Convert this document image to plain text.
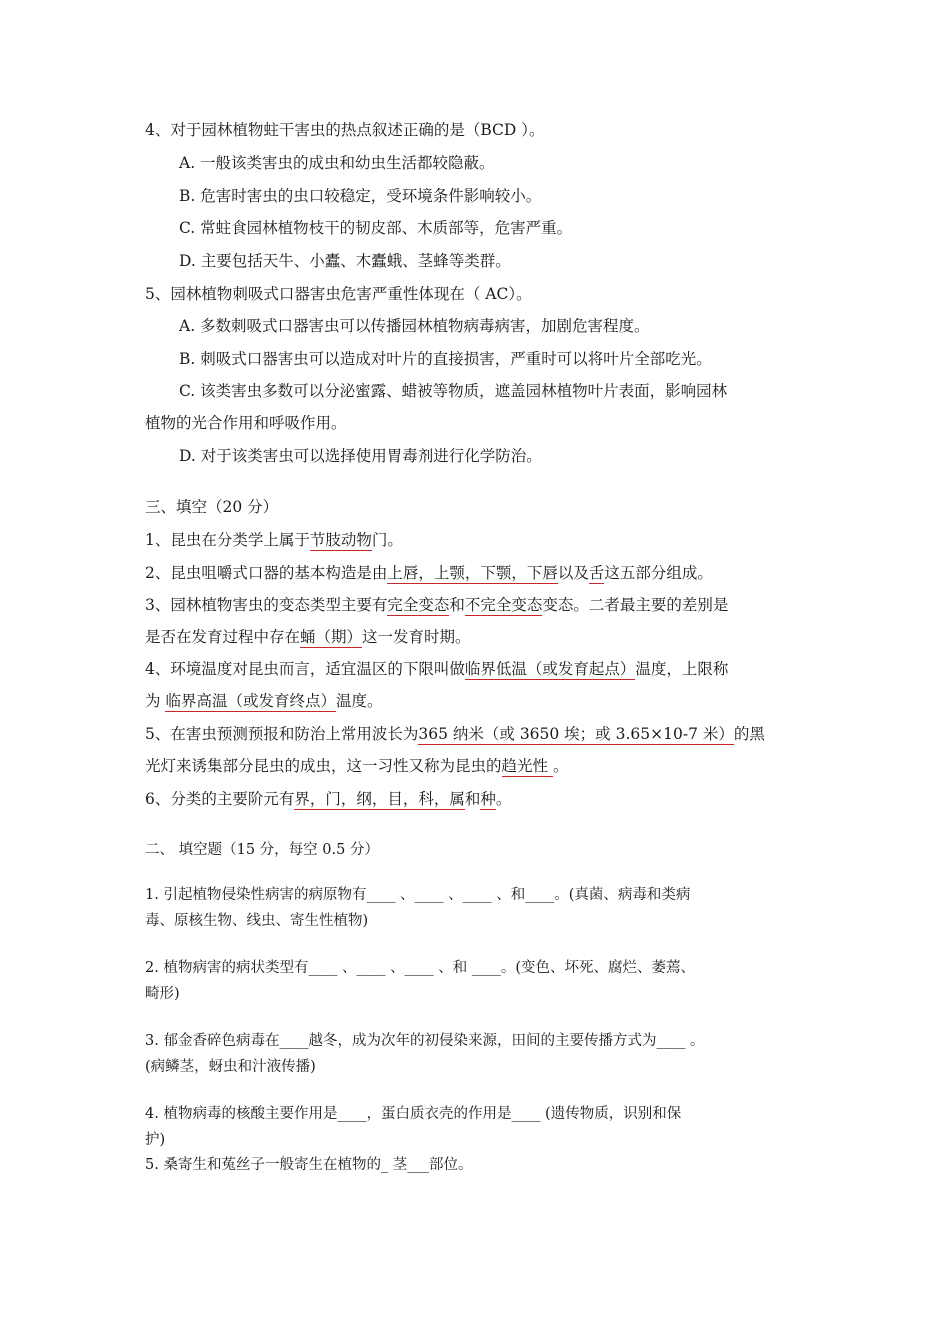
4、对于园林植物蛀干害虫的热点叙述正确的是（BCD ）。
A. 一般该类害虫的成虫和幼虫生活都较隐蔽。
B. 危害时害虫的虫口较稳定，受环境条件影响较小。
C. 常蛀食园林植物枝干的韧皮部、木质部等，危害严重。
D. 主要包括天牛、小蠹、木蠹蛾、茎蜂等类群。
5、园林植物刺吸式口器害虫危害严重性体现在（ AC）。
A. 多数刺吸式口器害虫可以传播园林植物病毒病害，加剧危害程度。
B. 刺吸式口器害虫可以造成对叶片的直接损害，严重时可以将叶片全部吃光。
C. 该类害虫多数可以分泌蜜露、蜡被等物质，遮盖园林植物叶片表面，影响园林
植物的光合作用和呼吸作用。
D. 对于该类害虫可以选择使用胃毒剂进行化学防治。
三、填空（20 分）
1、昆虫在分类学上属于节肢动物门。
2、昆虫咀嚼式口器的基本构造是由上唇，上颚，下颚，下唇以及舌这五部分组成。
3、园林植物害虫的变态类型主要有完全变态和不完全变态变态。二者最主要的差别是
是否在发育过程中存在蛹（期）这一发育时期。
4、环境温度对昆虫而言，适宜温区的下限叫做临界低温（或发育起点）温度，上限称
为 临界高温（或发育终点）温度。
5、在害虫预测预报和防治上常用波长为365 纳米（或 3650 埃；或 3.65×10-7 米）的黑
光灯来诱集部分昆虫的成虫，这一习性又称为昆虫的趋光性 。
6、分类的主要阶元有界，门，纲，目，科，属和种。
二、 填空题（15 分，每空 0.5 分）
1. 引起植物侵染性病害的病原物有____ 、____ 、____ 、和____。(真菌、病毒和类病
毒、原核生物、线虫、寄生性植物)
2. 植物病害的病状类型有____ 、____ 、____ 、和 ____。(变色、坏死、腐烂、萎蔫、
畸形)
3. 郁金香碎色病毒在____越冬，成为次年的初侵染来源，田间的主要传播方式为____ 。
(病鳞茎，蚜虫和汁液传播)
4. 植物病毒的核酸主要作用是____，蛋白质衣壳的作用是____ (遗传物质，识别和保
护)
5. 桑寄生和菟丝子一般寄生在植物的_ 茎___部位。
